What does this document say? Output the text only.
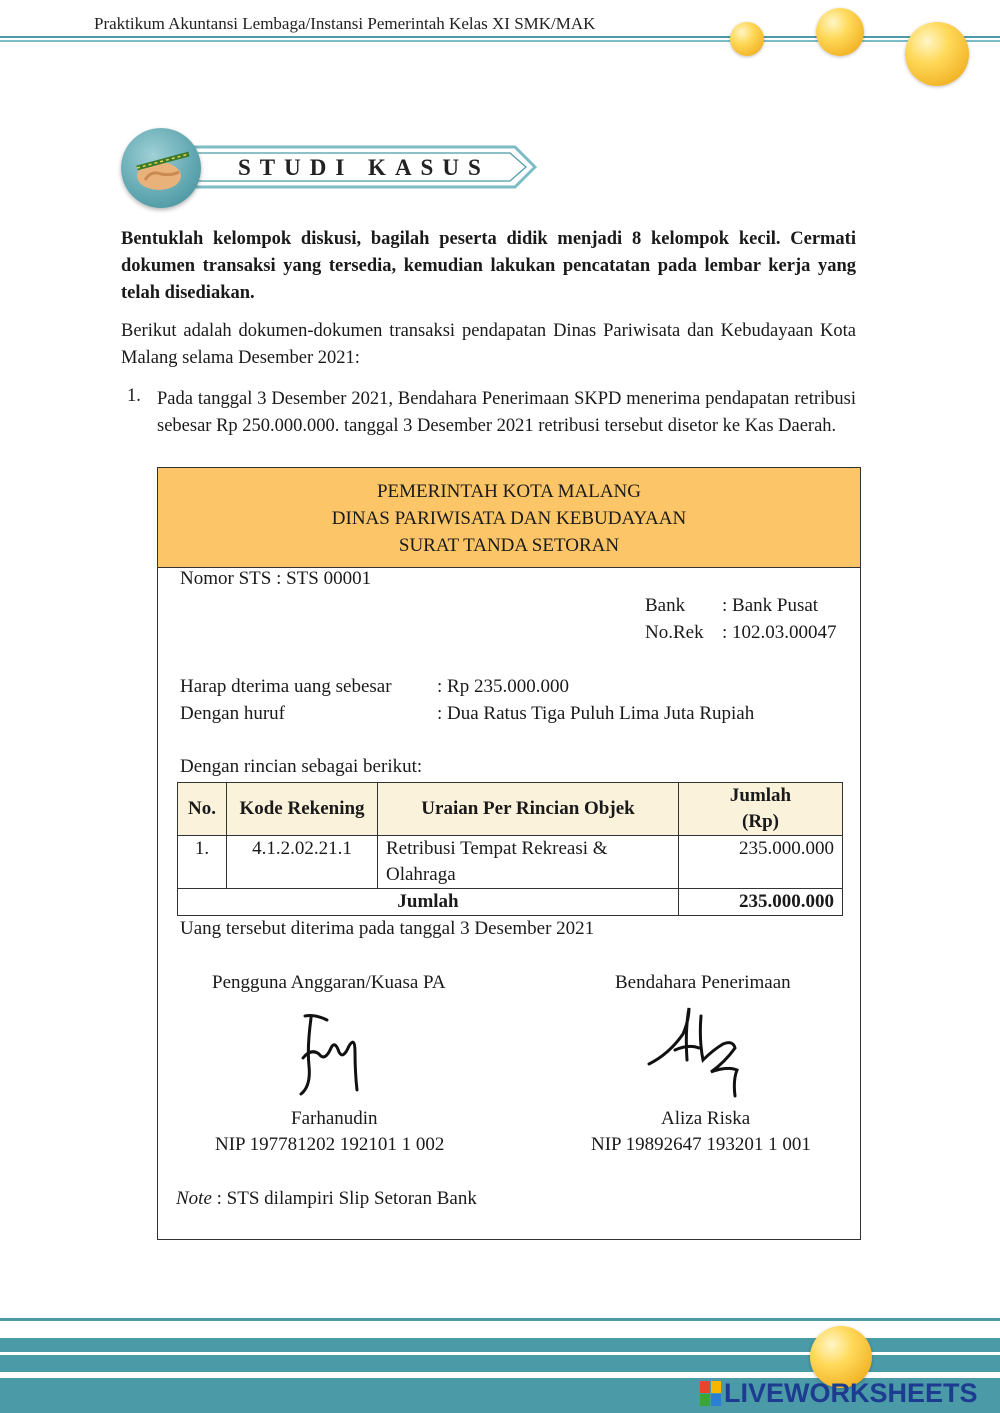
Praktikum Akuntansi Lembaga/Instansi Pemerintah Kelas XI SMK/MAK
STUDI KASUS
Bentuklah kelompok diskusi, bagilah peserta didik menjadi 8 kelompok kecil. Cermati dokumen transaksi yang tersedia, kemudian lakukan pencatatan pada lembar kerja yang telah disediakan.
Berikut adalah dokumen-dokumen transaksi pendapatan Dinas Pariwisata dan Kebudayaan Kota Malang selama Desember 2021:
1. Pada tanggal 3 Desember 2021, Bendahara Penerimaan SKPD menerima pendapatan retribusi sebesar Rp 250.000.000. tanggal 3 Desember 2021 retribusi tersebut disetor ke Kas Daerah.
PEMERINTAH KOTA MALANG
DINAS PARIWISATA DAN KEBUDAYAAN
SURAT TANDA SETORAN
Nomor STS : STS 00001
Bank : Bank Pusat
No.Rek : 102.03.00047
Harap dterima uang sebesar : Rp 235.000.000
Dengan huruf	: Dua Ratus Tiga Puluh Lima Juta Rupiah
Dengan rincian sebagai berikut:
No.	Kode Rekening	Uraian Per Rincian Objek	Jumlah
(Rp)

1.	4.1.2.02.21.1	Retribusi Tempat Rekreasi &
Olahraga	235.000.000
Jumlah			235.000.000
Uang tersebut diterima pada tanggal 3 Desember 2021
Pengguna Anggaran/Kuasa PA	Bendahara Penerimaan
Farhanudin
NIP 197781202 192101 1 002
Aliza Riska
NIP 19892647 193201 1 001
Note : STS dilampiri Slip Setoran Bank
LIVEWORKSHEETS
